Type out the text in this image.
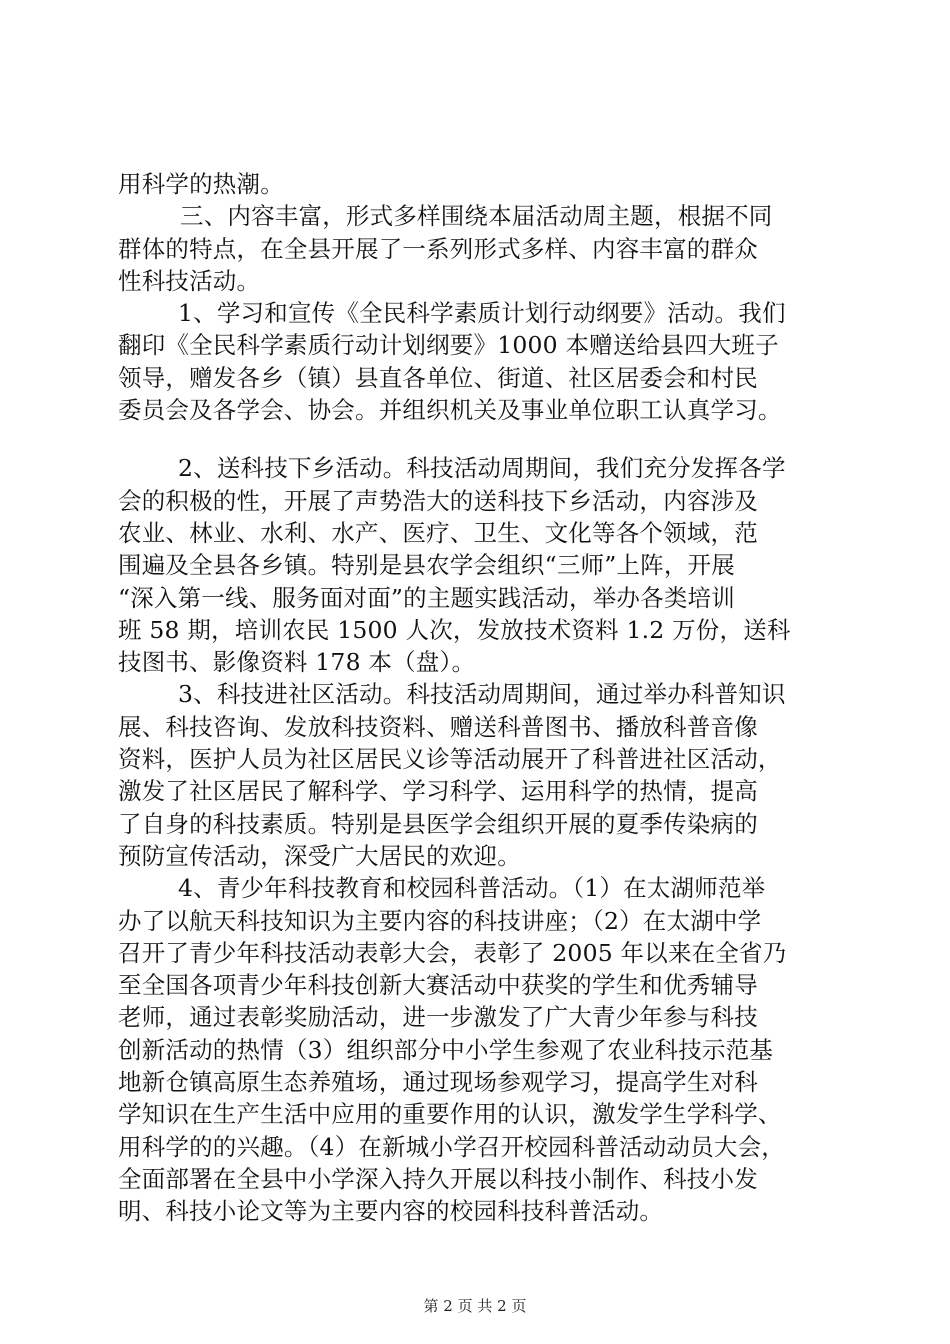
用科学的热潮。
三、内容丰富，形式多样围绕本届活动周主题，根据不同
群体的特点，在全县开展了一系列形式多样、内容丰富的群众
性科技活动。
1、学习和宣传《全民科学素质计划行动纲要》活动。我们
翻印《全民科学素质行动计划纲要》1000 本赠送给县四大班子
领导，赠发各乡（镇）县直各单位、街道、社区居委会和村民
委员会及各学会、协会。并组织机关及事业单位职工认真学习。
2、送科技下乡活动。科技活动周期间，我们充分发挥各学
会的积极的性，开展了声势浩大的送科技下乡活动，内容涉及
农业、林业、水利、水产、医疗、卫生、文化等各个领域，范
围遍及全县各乡镇。特别是县农学会组织“三师”上阵，开展
“深入第一线、服务面对面”的主题实践活动，举办各类培训
班 58 期，培训农民 1500 人次，发放技术资料 1.2 万份，送科
技图书、影像资料 178 本（盘）。
3、科技进社区活动。科技活动周期间，通过举办科普知识
展、科技咨询、发放科技资料、赠送科普图书、播放科普音像
资料，医护人员为社区居民义诊等活动展开了科普进社区活动，
激发了社区居民了解科学、学习科学、运用科学的热情，提高
了自身的科技素质。特别是县医学会组织开展的夏季传染病的
预防宣传活动，深受广大居民的欢迎。
4、青少年科技教育和校园科普活动。（1）在太湖师范举
办了以航天科技知识为主要内容的科技讲座；（2）在太湖中学
召开了青少年科技活动表彰大会，表彰了 2005 年以来在全省乃
至全国各项青少年科技创新大赛活动中获奖的学生和优秀辅导
老师，通过表彰奖励活动，进一步激发了广大青少年参与科技
创新活动的热情（3）组织部分中小学生参观了农业科技示范基
地新仓镇高原生态养殖场，通过现场参观学习，提高学生对科
学知识在生产生活中应用的重要作用的认识，激发学生学科学、
用科学的的兴趣。（4）在新城小学召开校园科普活动动员大会，
全面部署在全县中小学深入持久开展以科技小制作、科技小发
明、科技小论文等为主要内容的校园科技科普活动。
第 2 页 共 2 页
